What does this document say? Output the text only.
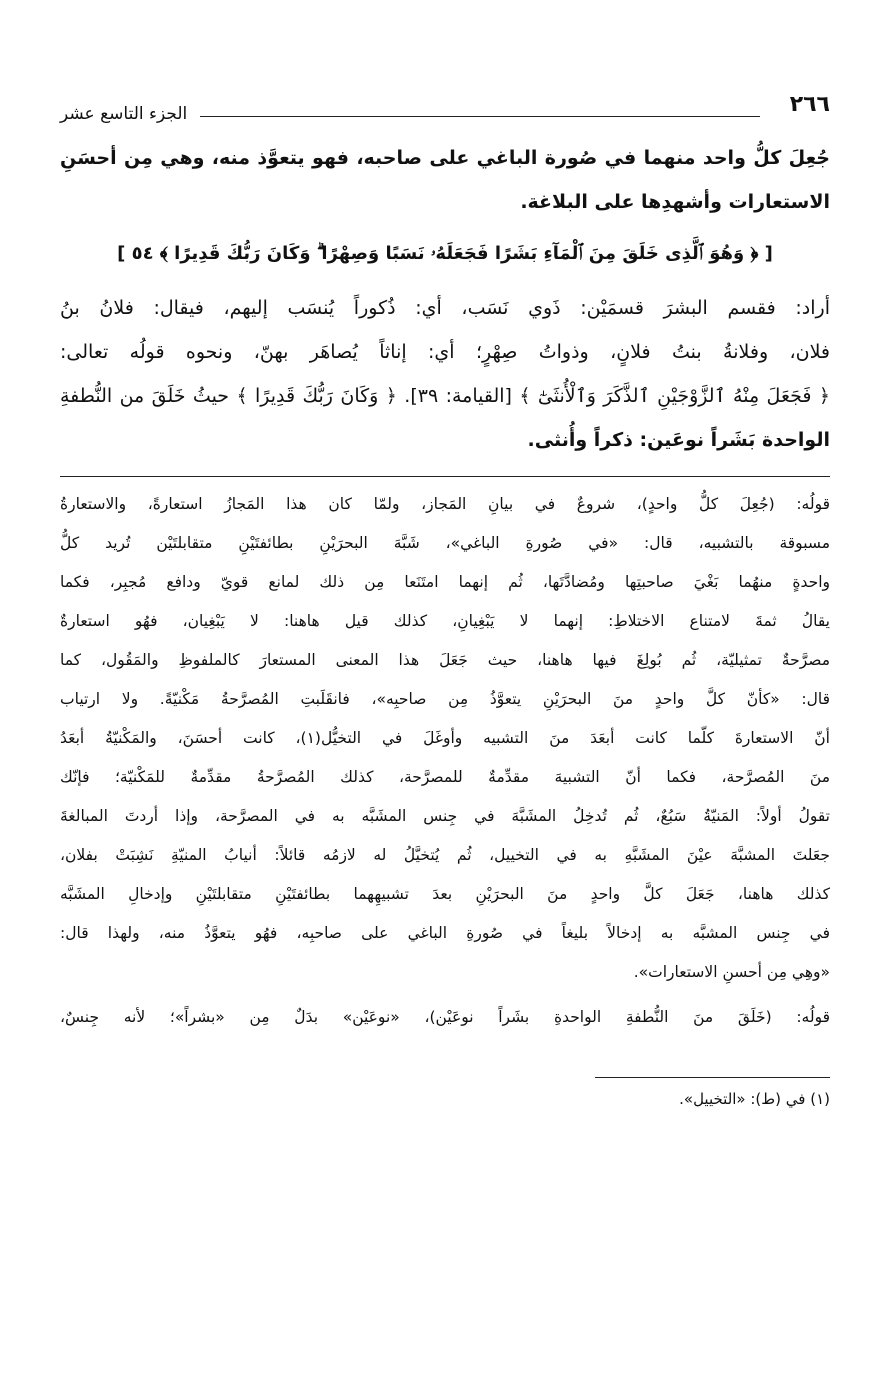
٢٦٦
الجزء التاسع عشر
جُعِلَ كلُّ واحد منهما في صُورة الباغي على صاحبه، فهو يتعوَّذ منه، وهي مِن أحسَنِ
الاستعارات وأشهدِها على البلاغة.
[ ﴿ وَهُوَ ٱلَّذِى خَلَقَ مِنَ ٱلْمَآءِ بَشَرًا فَجَعَلَهُۥ نَسَبًا وَصِهْرًا ۗ وَكَانَ رَبُّكَ قَدِيرًا ﴾ ٥٤ ]
أراد: فقسم البشرَ قسمَيْن: ذَوي نَسَب، أي: ذُكوراً يُنسَب إليهم، فيقال: فلانُ بنُ
فلان، وفلانةُ بنتُ فلانٍ، وذواتُ صِهْرٍ؛ أي: إناثاً يُصاهَر بهنّ، ونحوه قولُه تعالى:
﴿ فَجَعَلَ مِنْهُ ٱلزَّوْجَيْنِ ٱلذَّكَرَ وَٱلْأُنثَىٰٓ ﴾ [القيامة: ٣٩]. ﴿ وَكَانَ رَبُّكَ قَدِيرًا ﴾ حيثُ خَلَقَ من النُّطفةِ
الواحدة بَشَراً نوعَين: ذكراً وأُنثى.
قولُه: (جُعِلَ كلُّ واحدٍ)، شروعٌ في بيانِ المَجاز، ولمّا كان هذا المَجازُ استعارةً، والاستعارةُ
مسبوقة بالتشبيه، قال: «في صُورةِ الباغي»، شَبَّهَ البحرَيْنِ بطائفتَيْنِ متقابلتَيْن تُريد كلُّ
واحدةٍ منهُما بَغْيَ صاحبتِها ومُضادَّتَها، ثُم إنهما امتَنَعا مِن ذلك لمانع قويّ ودافع مُجبِر، فكما
يقالُ ثمةَ لامتناع الاختلاطِ: إنهما لا يَبْغِيانِ، كذلك قيل هاهنا: لا يَبْغِيان، فهُو استعارةٌ
مصرَّحةٌ تمثيليّة، ثُم بُولِغَ فيها هاهنا، حيث جَعَلَ هذا المعنى المستعارَ كالملفوظِ والمَقُول، كما
قال: «كأنّ كلَّ واحدٍ منَ البحرَيْنِ يتعوَّذُ مِن صاحبِه»، فانقَلَبتِ المُصرَّحةُ مَكْنيّةً. ولا ارتياب
أنّ الاستعارةَ كلّما كانت أبعَدَ منَ التشبيه وأوغَلَ في التخيُّل(١)، كانت أحسَنَ، والمَكْنيّةُ أبعَدُ
منَ المُصرَّحة، فكما أنّ التشبيهَ مقدِّمةٌ للمصرَّحة، كذلك المُصرَّحةُ مقدِّمةٌ للمَكْنيّة؛ فإنّك
تقولُ أولاً: المَنيّةُ سَبُعٌ، ثُم تُدخِلُ المشَبَّهَ في جِنس المشَبَّه به في المصرَّحة، وإذا أردتَ المبالغةَ
جعَلتَ المشبَّهَ عيْنَ المشَبَّهِ به في التخييل، ثُم يُتخيَّلُ له لازمُه قائلاً: أنيابُ المنيّةِ نَشِبَتْ بفلان،
كذلك هاهنا، جَعَلَ كلَّ واحدٍ منَ البحرَيْنِ بعدَ تشبيهِهما بطائفتَيْنِ متقابلتَيْنِ وإدخالِ المشَبَّه
في جِنس المشبَّه به إدخالاً بليغاً في صُورةِ الباغي على صاحبِه، فهُو يتعوَّذُ منه، ولهذا قال:
«وهِي مِن أحسنِ الاستعارات».
قولُه: (خَلَقَ منَ النُّطفةِ الواحدةِ بشَراً نوعَيْن)، «نوعَيْن» بدَلٌ مِن «بشراً»؛ لأنه جِنسٌ،
(١) في (ط): «التخييل».
